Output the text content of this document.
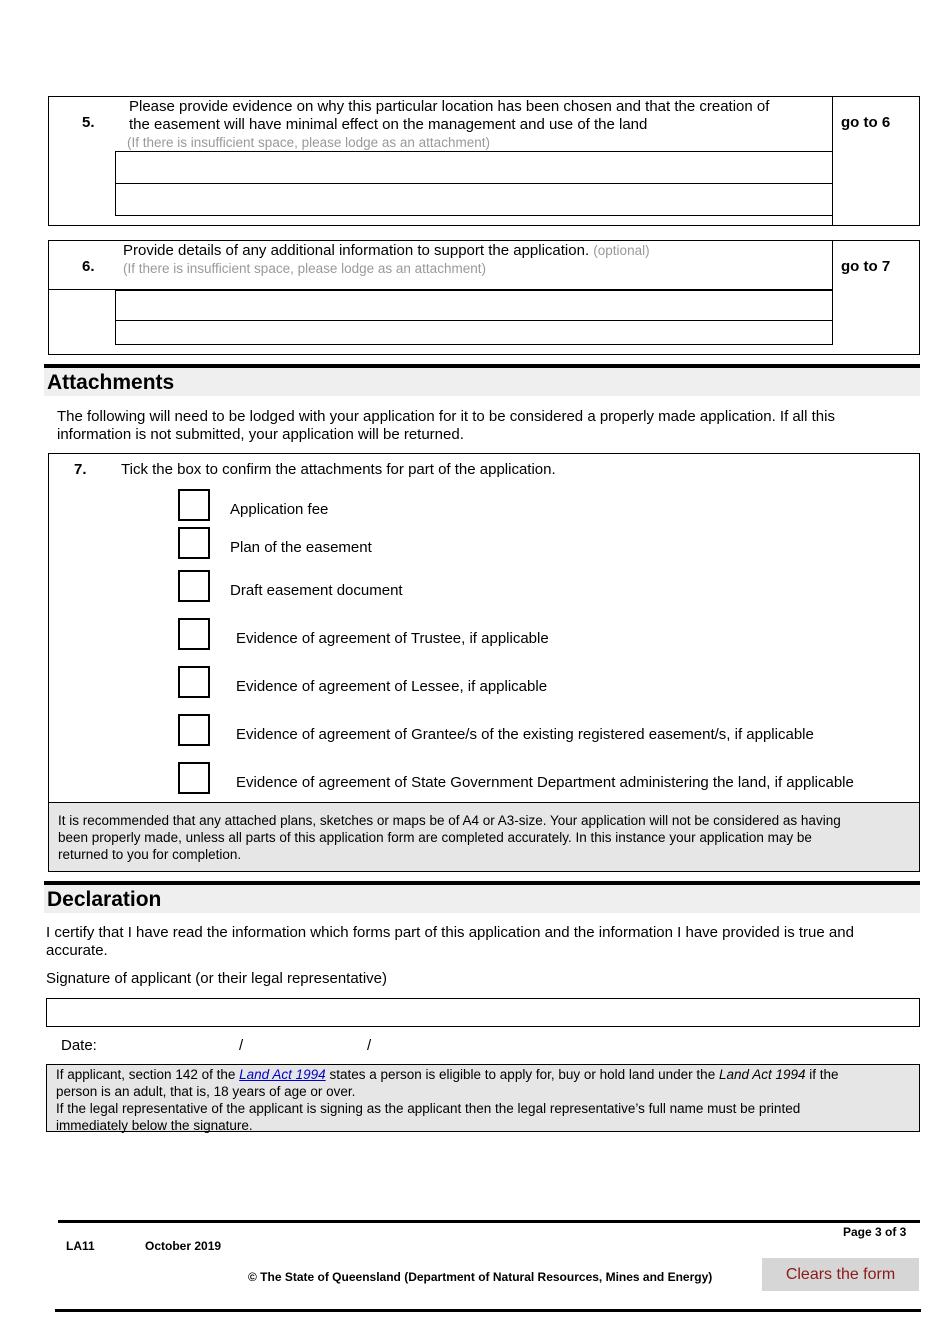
5.
Please provide evidence on why this particular location has been chosen and that the creation of
the easement will have minimal effect on the management and use of the land
(If there is insufficient space, please lodge as an attachment)
go to 6
6.
Provide details of any additional information to support the application. (optional)
(If there is insufficient space, please lodge as an attachment)	go to 7
Attachments
The following will need to be lodged with your application for it to be considered a properly made application. If all this
information is not submitted, your application will be returned.
7. Tick the box to confirm the attachments for part of the application.
Application fee
Plan of the easement
Draft easement document
Evidence of agreement of Trustee, if applicable
Evidence of agreement of Lessee, if applicable
Evidence of agreement of Grantee/s of the existing registered easement/s, if applicable
Evidence of agreement of State Government Department administering the land, if applicable
It is recommended that any attached plans, sketches or maps be of A4 or A3-size. Your application will not be considered as having
been properly made, unless all parts of this application form are completed accurately. In this instance your application may be
returned to you for completion.
Declaration
I certify that I have read the information which forms part of this application and the information I have provided is true and
accurate.
Signature of applicant (or their legal representative)
Date:	/	/
If applicant, section 142 of the Land Act 1994 states a person is eligible to apply for, buy or hold land under the Land Act 1994 if the
person is an adult, that is, 18 years of age or over.
If the legal representative of the applicant is signing as the applicant then the legal representative’s full name must be printed
immediately below the signature.
Page 3 of 3
LA11	October 2019
© The State of Queensland (Department of Natural Resources, Mines and Energy)	Clears the form
